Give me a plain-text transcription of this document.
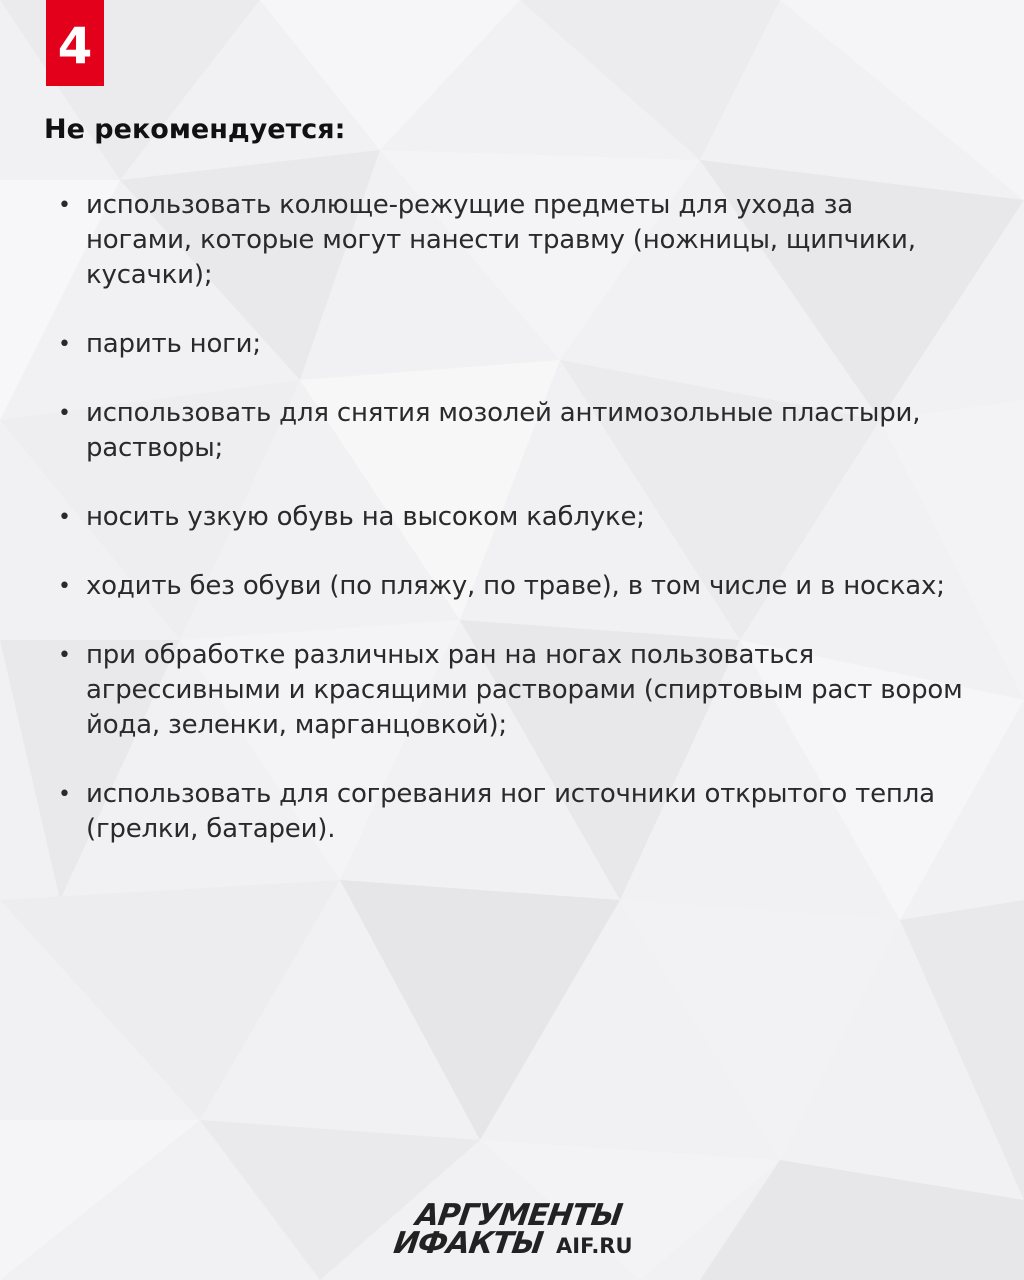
4
Не рекомендуется:
• использовать колюще-режущие предметы для ухода за ногами, которые могут нанести травму (ножницы, щипчики, кусачки);
• парить ноги;
• использовать для снятия мозолей антимозольные пластыри, растворы;
• носить узкую обувь на высоком каблуке;
• ходить без обуви (по пляжу, по траве), в том числе и в носках;
• при обработке различных ран на ногах пользоваться агрессивными и красящими растворами (спиртовым раст вором йода, зеленки, марганцовкой);
• использовать для согревания ног источники открытого тепла (грелки, батареи).
АРГУМЕНТЫ
ИФАКТЫ AIF.RU
